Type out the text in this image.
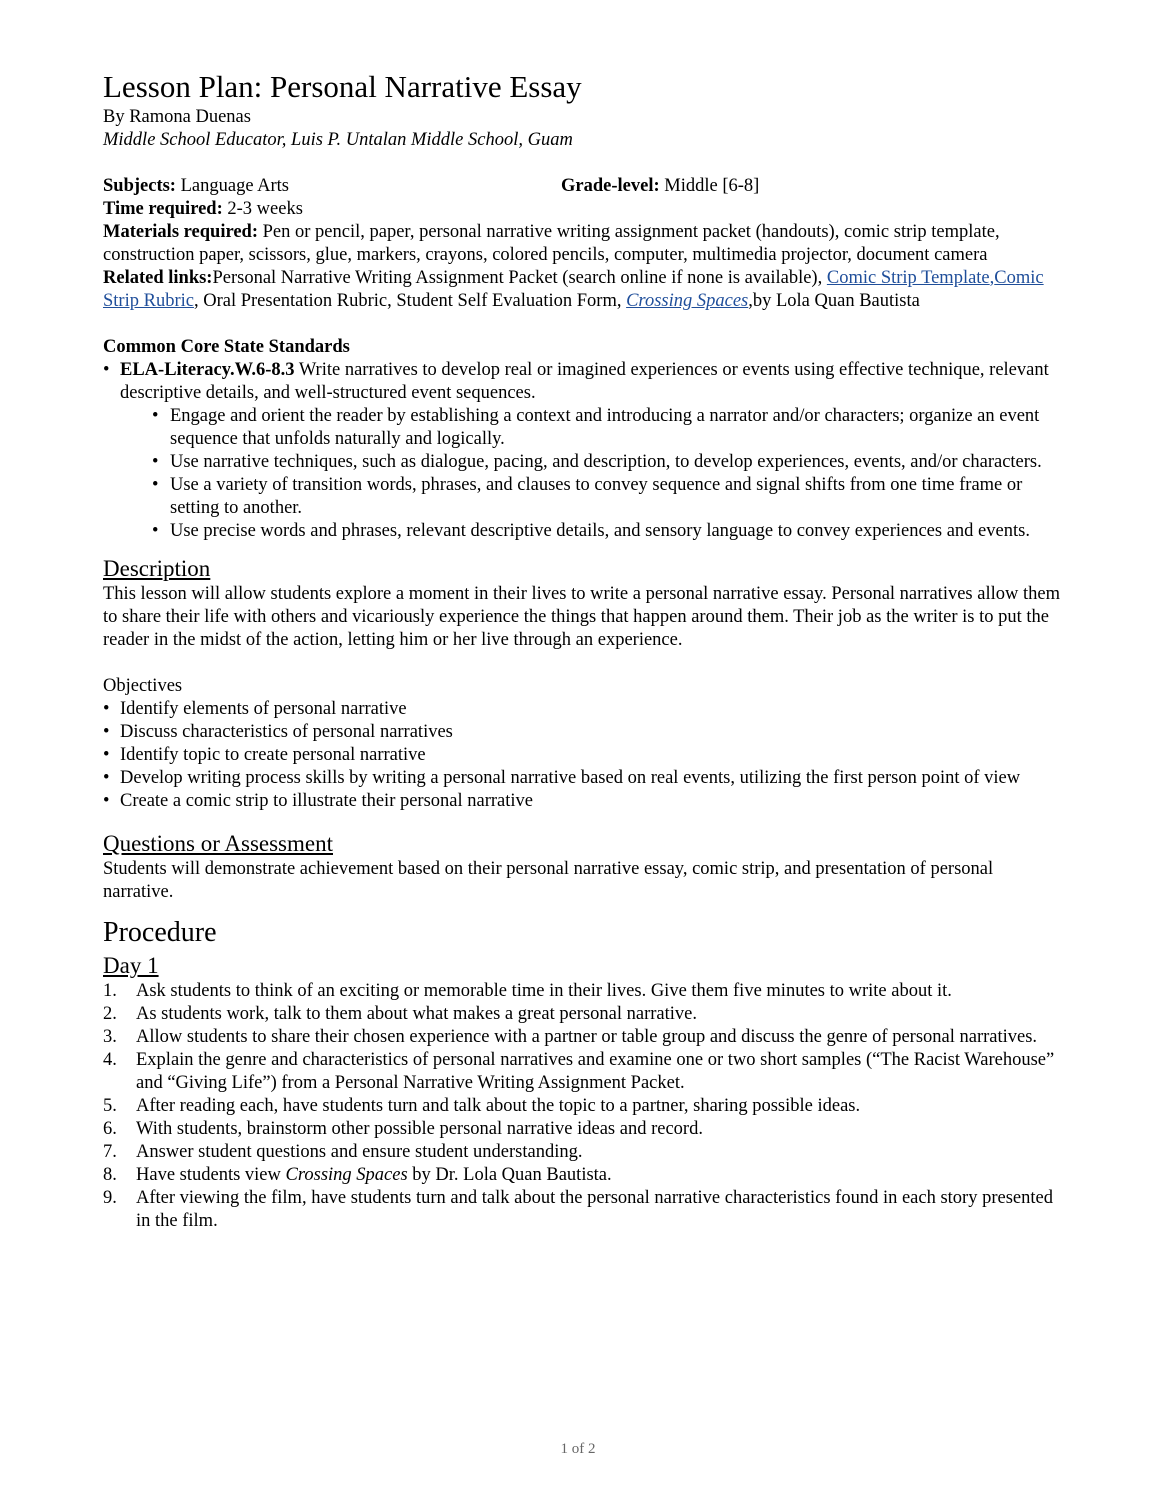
Lesson Plan: Personal Narrative Essay
By Ramona Duenas
Middle School Educator, Luis P. Untalan Middle School, Guam
Subjects: Language Arts	Grade-level: Middle [6-8]
Time required: 2-3 weeks
Materials required: Pen or pencil, paper, personal narrative writing assignment packet (handouts), comic strip template, construction paper, scissors, glue, markers, crayons, colored pencils, computer, multimedia projector, document camera
Related links:Personal Narrative Writing Assignment Packet (search online if none is available), Comic Strip Template,Comic Strip Rubric, Oral Presentation Rubric, Student Self Evaluation Form, Crossing Spaces,by Lola Quan Bautista
Common Core State Standards
• ELA-Literacy.W.6-8.3 Write narratives to develop real or imagined experiences or events using effective technique, relevant descriptive details, and well-structured event sequences.
• Engage and orient the reader by establishing a context and introducing a narrator and/or characters; organize an event sequence that unfolds naturally and logically.
• Use narrative techniques, such as dialogue, pacing, and description, to develop experiences, events, and/or characters.
• Use a variety of transition words, phrases, and clauses to convey sequence and signal shifts from one time frame or setting to another.
• Use precise words and phrases, relevant descriptive details, and sensory language to convey experiences and events.
Description
This lesson will allow students explore a moment in their lives to write a personal narrative essay. Personal narratives allow them to share their life with others and vicariously experience the things that happen around them. Their job as the writer is to put the reader in the midst of the action, letting him or her live through an experience.
Objectives
• Identify elements of personal narrative
• Discuss characteristics of personal narratives
• Identify topic to create personal narrative
• Develop writing process skills by writing a personal narrative based on real events, utilizing the first person point of view
• Create a comic strip to illustrate their personal narrative
Questions or Assessment
Students will demonstrate achievement based on their personal narrative essay, comic strip, and presentation of personal narrative.
Procedure
Day 1
1. Ask students to think of an exciting or memorable time in their lives. Give them five minutes to write about it.
2. As students work, talk to them about what makes a great personal narrative.
3. Allow students to share their chosen experience with a partner or table group and discuss the genre of personal narratives.
4. Explain the genre and characteristics of personal narratives and examine one or two short samples (“The Racist Warehouse” and “Giving Life”) from a Personal Narrative Writing Assignment Packet.
5. After reading each, have students turn and talk about the topic to a partner, sharing possible ideas.
6. With students, brainstorm other possible personal narrative ideas and record.
7. Answer student questions and ensure student understanding.
8. Have students view Crossing Spaces by Dr. Lola Quan Bautista.
9. After viewing the film, have students turn and talk about the personal narrative characteristics found in each story presented in the film.
1 of 2
